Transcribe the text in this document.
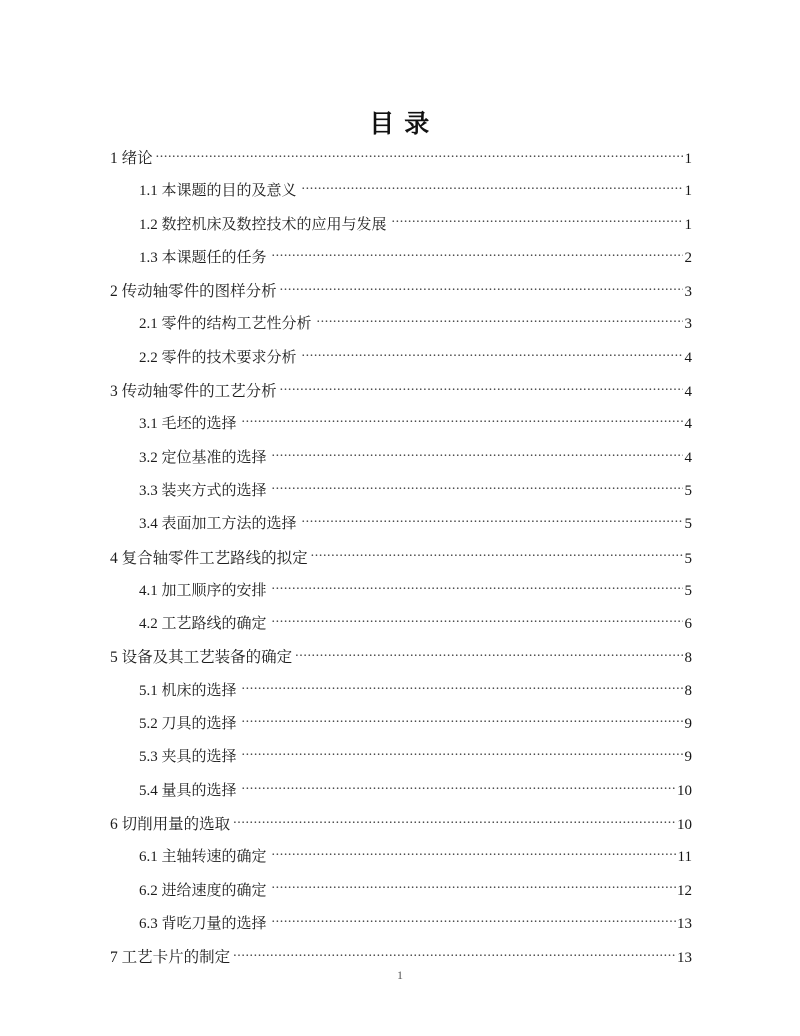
目 录
1 绪论 .....	1
1.1 本课题的目的及意义 .....	1
1.2 数控机床及数控技术的应用与发展 .....	1
1.3 本课题任的任务 .....	2
2 传动轴零件的图样分析 .....	3
2.1 零件的结构工艺性分析 .....	3
2.2 零件的技术要求分析 .....	4
3 传动轴零件的工艺分析 .....	4
3.1 毛坯的选择 .....	4
3.2 定位基准的选择 .....	4
3.3 装夹方式的选择 .....	5
3.4 表面加工方法的选择 .....	5
4 复合轴零件工艺路线的拟定 .....	5
4.1 加工顺序的安排 .....	5
4.2 工艺路线的确定 .....	6
5 设备及其工艺装备的确定 .....	8
5.1 机床的选择 .....	8
5.2 刀具的选择 .....	9
5.3 夹具的选择 .....	9
5.4 量具的选择 .....	10
6 切削用量的选取 .....	10
6.1 主轴转速的确定 .....	11
6.2 进给速度的确定 .....	12
6.3 背吃刀量的选择 .....	13
7 工艺卡片的制定 .....	13
1
